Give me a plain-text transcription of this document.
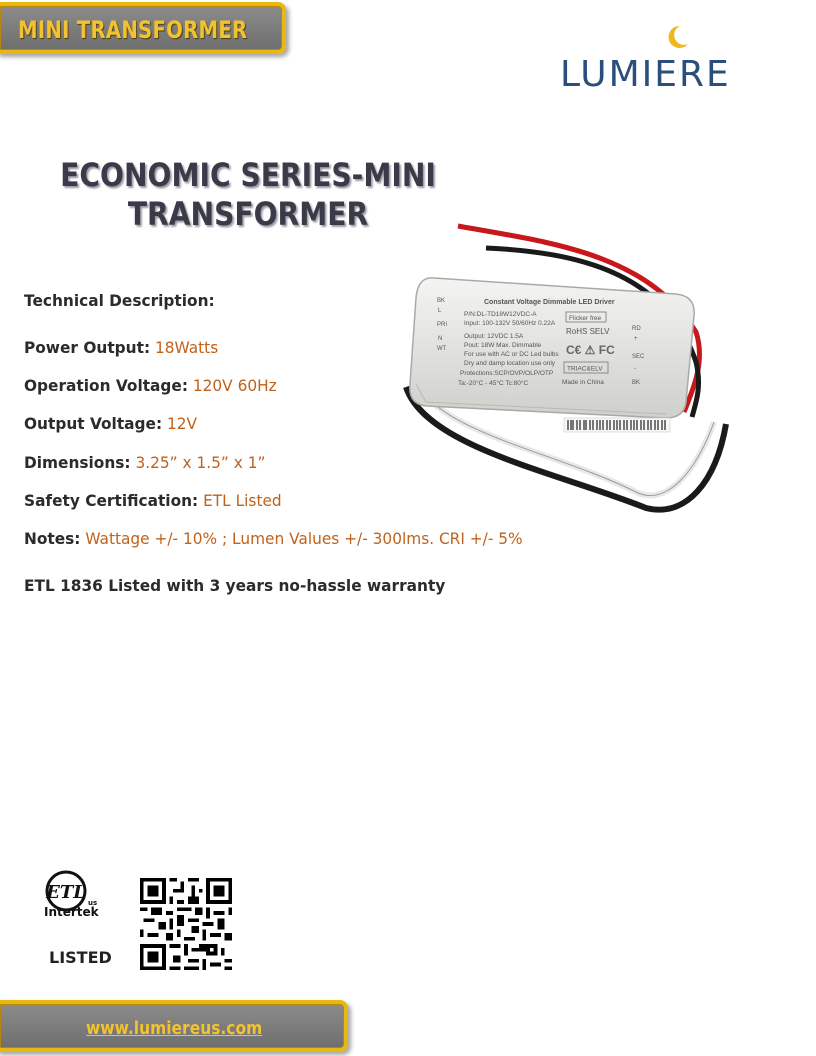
MINI TRANSFORMER
LUMIERE
ECONOMIC SERIES-MINI
TRANSFORMER
Constant Voltage Dimmable LED Driver
P/N:DL-TD18W12VDC-A
Input: 100-132V 50/60Hz 0.22A
Output: 12VDC 1.5A
Pout: 18W Max. Dimmable
For use with AC or DC Led bulbs
Dry and damp location use only
Protections:SCP/OVP/OLP/OTP
Ta:-20°C - 45°C Tc:80°C
Flicker free
RoHS SELV
C€ ⚠ FC
TRIAC&ELV
Made in China
BK
L
PRI
N
WT
RD
+
SEC
-
BK
Technical Description:
Power Output: 18Watts
Operation Voltage: 120V 60Hz
Output Voltage: 12V
Dimensions: 3.25” x 1.5” x 1”
Safety Certification: ETL Listed
Notes: Wattage +/- 10% ; Lumen Values +/- 300lms. CRI +/- 5%
ETL 1836 Listed with 3 years no-hassle warranty
ETL us
Intertek
LISTED
www.lumiereus.com
